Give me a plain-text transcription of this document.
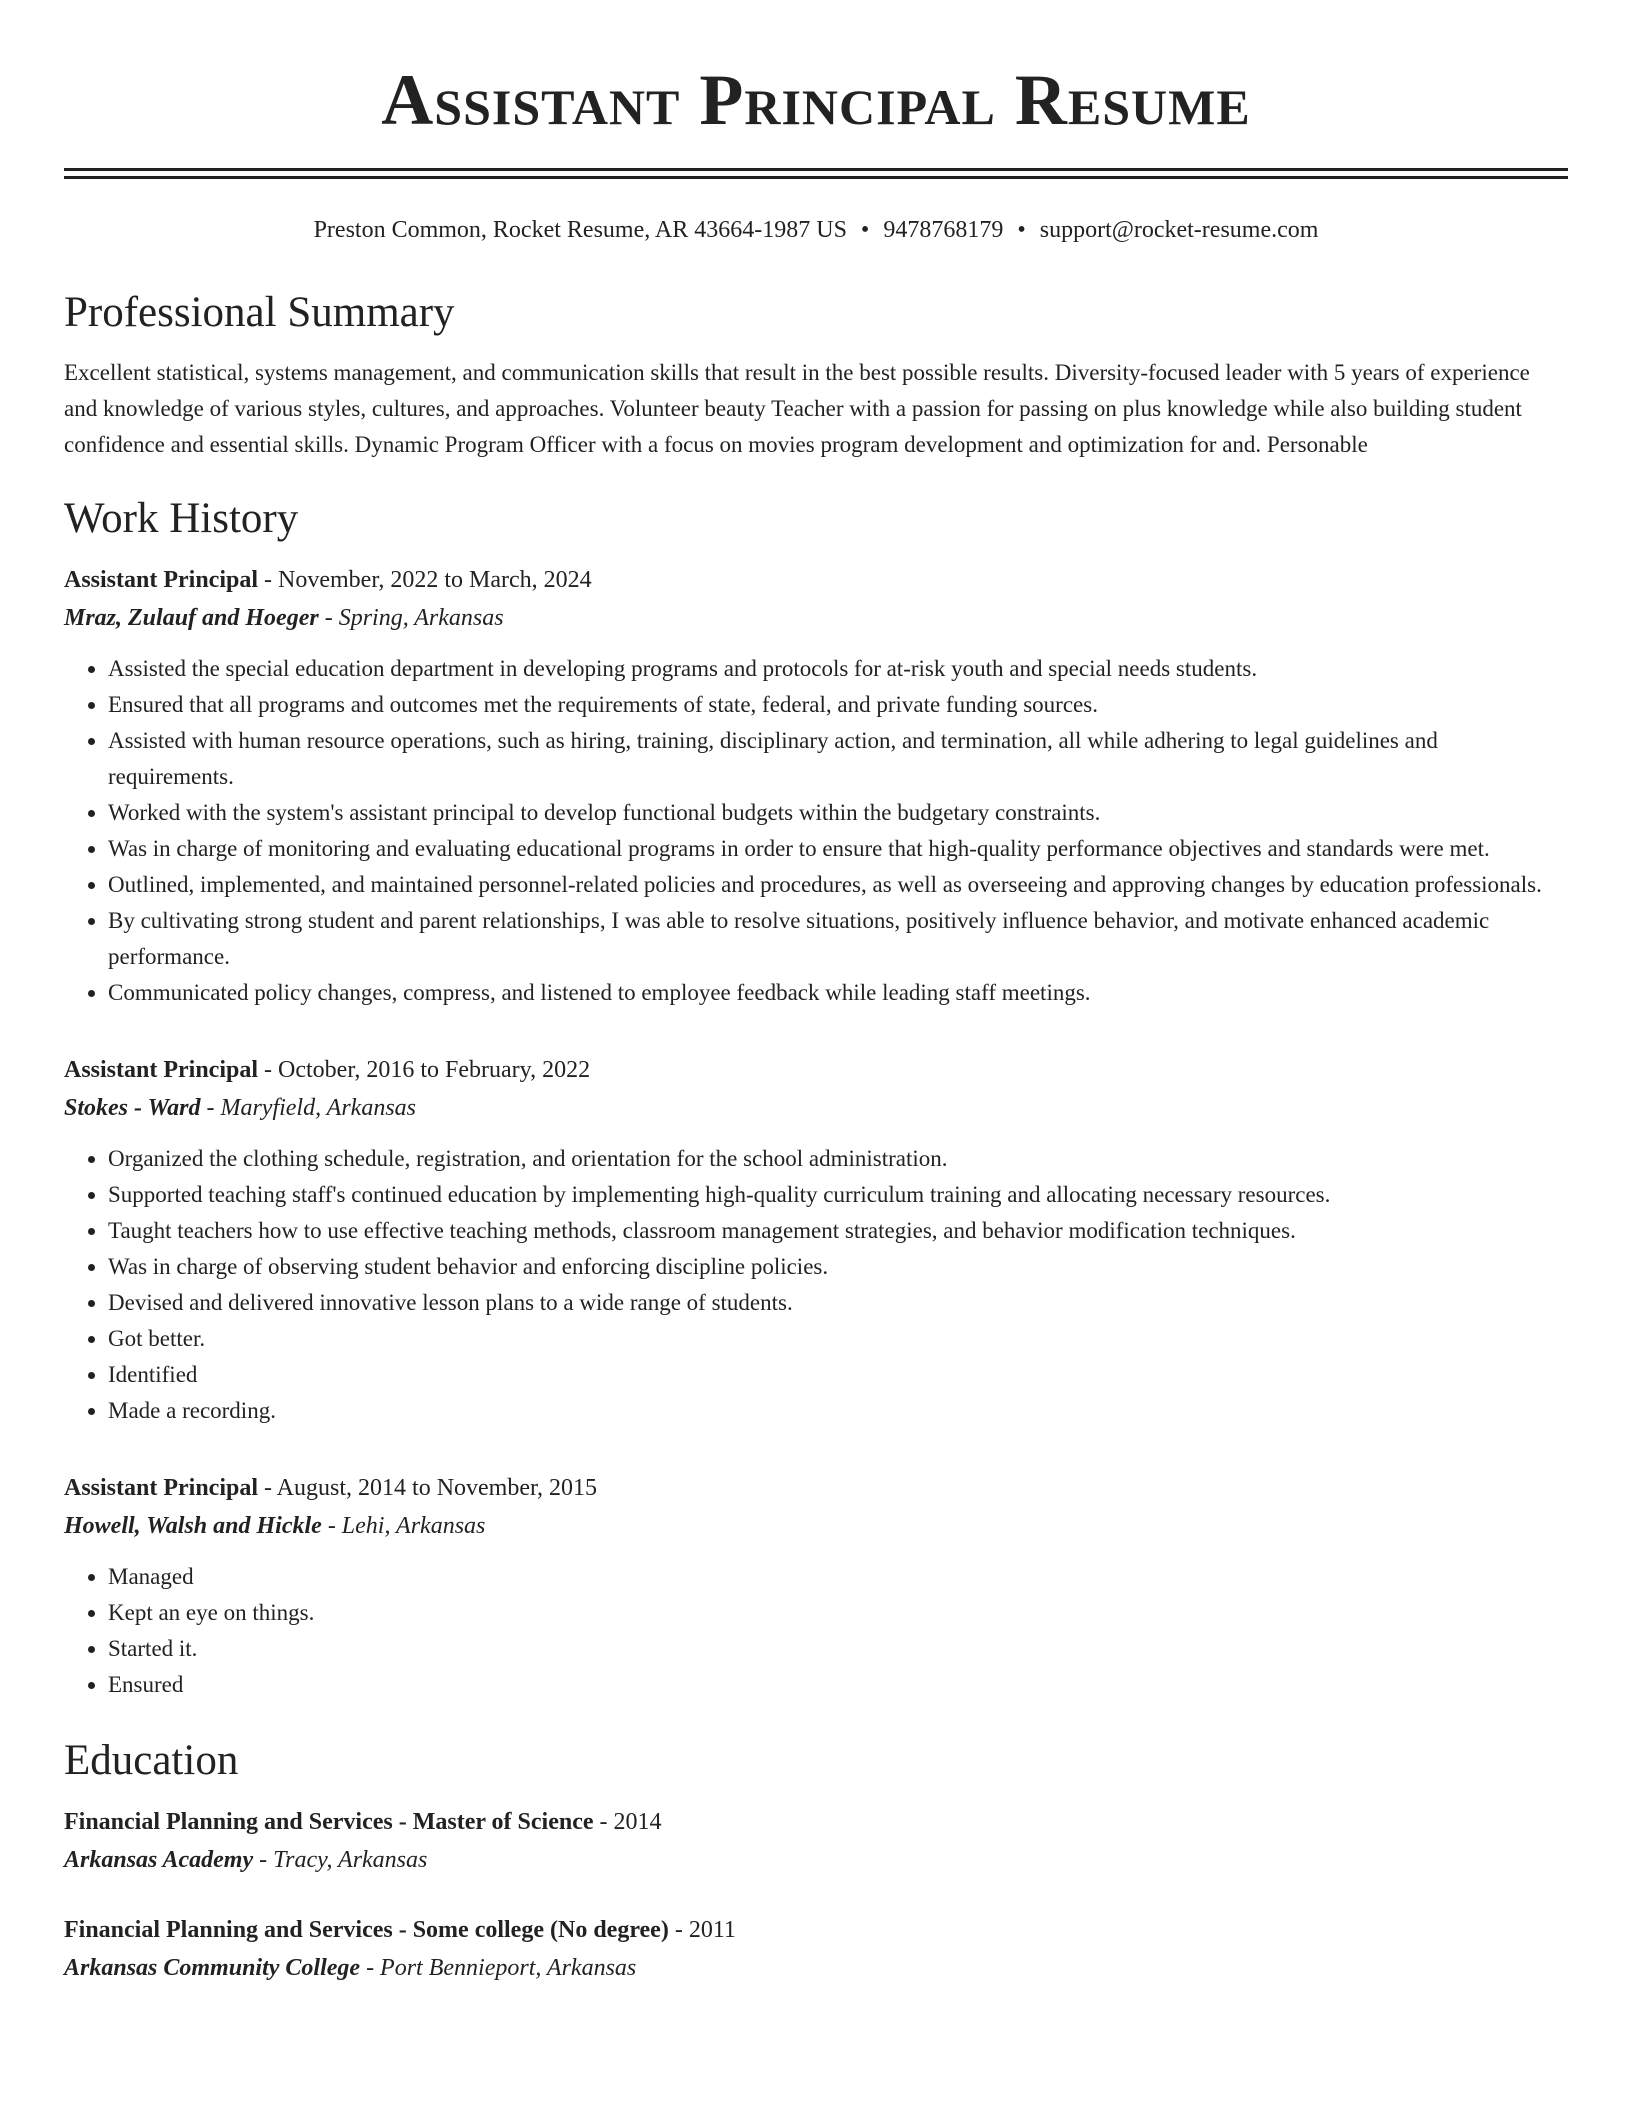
Assistant Principal Resume
Preston Common, Rocket Resume, AR 43664-1987 US • 9478768179 • support@rocket-resume.com
Professional Summary

Excellent statistical, systems management, and communication skills that result in the best possible results. Diversity-focused leader with 5 years of experience and knowledge of various styles, cultures, and approaches. Volunteer beauty Teacher with a passion for passing on plus knowledge while also building student confidence and essential skills. Dynamic Program Officer with a focus on movies program development and optimization for and. Personable

Work History
Assistant Principal - November, 2022 to March, 2024
Mraz, Zulauf and Hoeger - Spring, Arkansas
• Assisted the special education department in developing programs and protocols for at-risk youth and special needs students.
• Ensured that all programs and outcomes met the requirements of state, federal, and private funding sources.
• Assisted with human resource operations, such as hiring, training, disciplinary action, and termination, all while adhering to legal guidelines and requirements.
• Worked with the system's assistant principal to develop functional budgets within the budgetary constraints.
• Was in charge of monitoring and evaluating educational programs in order to ensure that high-quality performance objectives and standards were met.
• Outlined, implemented, and maintained personnel-related policies and procedures, as well as overseeing and approving changes by education professionals.
• By cultivating strong student and parent relationships, I was able to resolve situations, positively influence behavior, and motivate enhanced academic performance.
• Communicated policy changes, compress, and listened to employee feedback while leading staff meetings.
Assistant Principal - October, 2016 to February, 2022
Stokes - Ward - Maryfield, Arkansas
• Organized the clothing schedule, registration, and orientation for the school administration.
• Supported teaching staff's continued education by implementing high-quality curriculum training and allocating necessary resources.
• Taught teachers how to use effective teaching methods, classroom management strategies, and behavior modification techniques.
• Was in charge of observing student behavior and enforcing discipline policies.
• Devised and delivered innovative lesson plans to a wide range of students.
• Got better.
• Identified
• Made a recording.
Assistant Principal - August, 2014 to November, 2015
Howell, Walsh and Hickle - Lehi, Arkansas
• Managed
• Kept an eye on things.
• Started it.
• Ensured
Education
Financial Planning and Services - Master of Science - 2014
Arkansas Academy - Tracy, Arkansas
Financial Planning and Services - Some college (No degree) - 2011
Arkansas Community College - Port Bennieport, Arkansas
